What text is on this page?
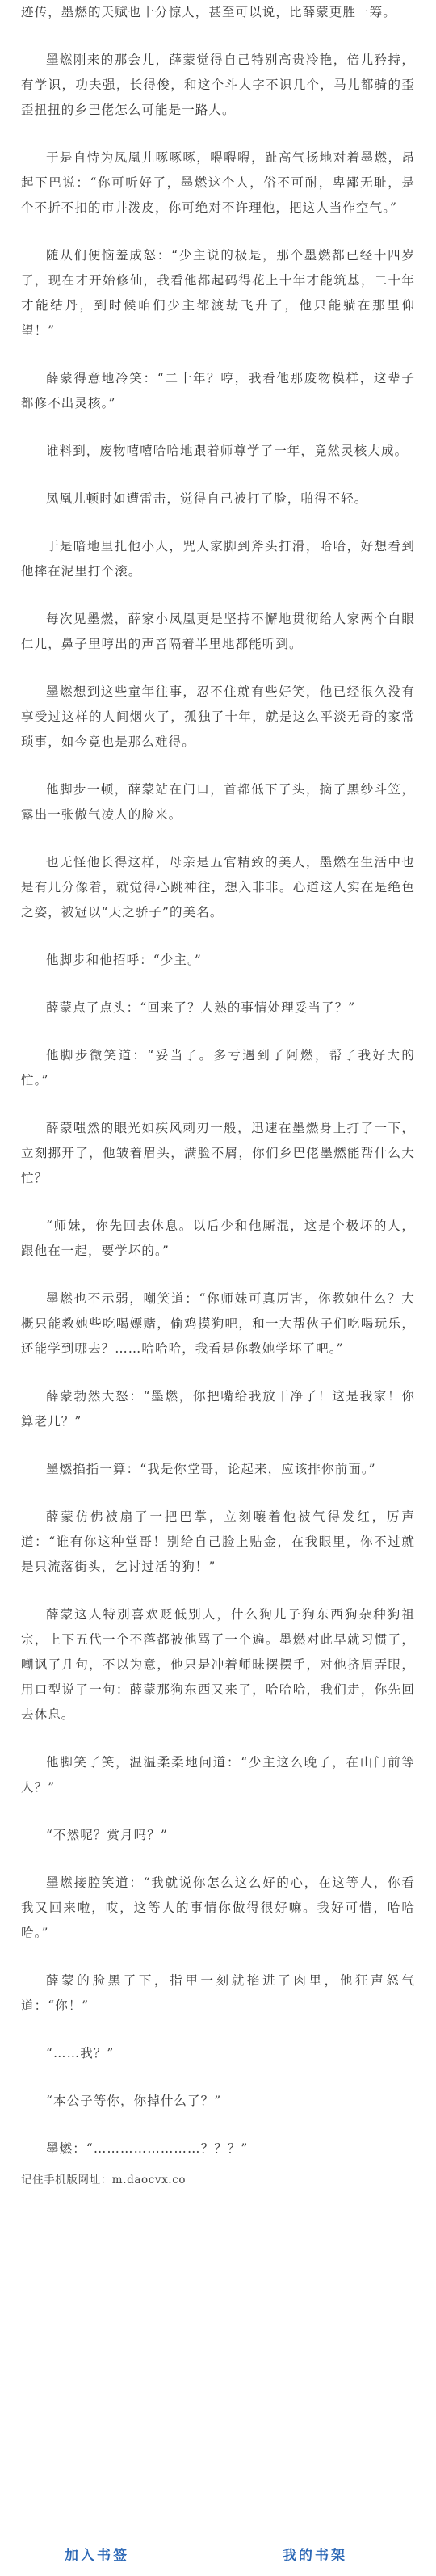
迹传，墨燃的天赋也十分惊人，甚至可以说，比薛蒙更胜一筹。

墨燃刚来的那会儿，薛蒙觉得自己特别高贵冷艳，倍儿矜持，有学识，功夫强，长得俊，和这个斗大字不识几个，马儿都骑的歪歪扭扭的乡巴佬怎么可能是一路人。

于是自恃为凤凰儿啄啄啄，嘚嘚嘚，趾高气扬地对着墨燃，昂起下巴说：“你可听好了，墨燃这个人，俗不可耐，卑鄙无耻，是个不折不扣的市井泼皮，你可绝对不许理他，把这人当作空气。”

随从们便恼羞成怒：“少主说的极是，那个墨燃都已经十四岁了，现在才开始修仙，我看他都起码得花上十年才能筑基，二十年才能结丹，到时候咱们少主都渡劫飞升了，他只能躺在那里仰望！”

薛蒙得意地冷笑：“二十年？哼，我看他那废物模样，这辈子都修不出灵核。”

谁料到，废物嘻嘻哈哈地跟着师尊学了一年，竟然灵核大成。

凤凰儿顿时如遭雷击，觉得自己被打了脸，啪得不轻。

于是暗地里扎他小人，咒人家脚到斧头打滑，哈哈，好想看到他摔在泥里打个滚。

每次见墨燃，薛家小凤凰更是坚持不懈地贯彻给人家两个白眼仁儿，鼻子里哼出的声音隔着半里地都能听到。

墨燃想到这些童年往事，忍不住就有些好笑，他已经很久没有享受过这样的人间烟火了，孤独了十年，就是这么平淡无奇的家常琐事，如今竟也是那么难得。

他脚步一顿，薛蒙站在门口，首都低下了头，摘了黑纱斗笠，露出一张傲气凌人的脸来。

也无怪他长得这样，母亲是五官精致的美人，墨燃在生活中也是有几分像着，就觉得心跳神往，想入非非。心道这人实在是绝色之姿，被冠以“天之骄子”的美名。

他脚步和他招呼：“少主。”

薛蒙点了点头：“回来了？人熟的事情处理妥当了？”

他脚步微笑道：“妥当了。多亏遇到了阿燃，帮了我好大的忙。”

薛蒙嗤然的眼光如疾风刺刃一般，迅速在墨燃身上打了一下，立刻挪开了，他皱着眉头，满脸不屑，你们乡巴佬墨燃能帮什么大忙？

“师妹，你先回去休息。以后少和他厮混，这是个极坏的人，跟他在一起，要学坏的。”

墨燃也不示弱，嘲笑道：“你师妹可真厉害，你教她什么？大概只能教她些吃喝嫖赌，偷鸡摸狗吧，和一大帮伙子们吃喝玩乐，还能学到哪去？……哈哈哈，我看是你教她学坏了吧。”

薛蒙勃然大怒：“墨燃，你把嘴给我放干净了！这是我家！你算老几？”

墨燃掐指一算：“我是你堂哥，论起来，应该排你前面。”

薛蒙仿佛被扇了一把巴掌，立刻嚷着他被气得发红，厉声道：“谁有你这种堂哥！别给自己脸上贴金，在我眼里，你不过就是只流落街头，乞讨过活的狗！”

薛蒙这人特别喜欢贬低别人，什么狗儿子狗东西狗杂种狗祖宗，上下五代一个不落都被他骂了一个遍。墨燃对此早就习惯了，嘲讽了几句，不以为意，他只是冲着师昧摆摆手，对他挤眉弄眼，用口型说了一句：薛蒙那狗东西又来了，哈哈哈，我们走，你先回去休息。

他脚笑了笑，温温柔柔地问道：“少主这么晚了，在山门前等人？”

“不然呢？赏月吗？”

墨燃接腔笑道：“我就说你怎么这么好的心，在这等人，你看我又回来啦，哎，这等人的事情你做得很好嘛。我好可惜，哈哈哈。”

薛蒙的脸黑了下，指甲一刻就掐进了肉里，他狂声怒气道：“你！”

“……我？”

“本公子等你，你掉什么了？”

墨燃：“……………………？？？”

记住手机版网址：m.daocvx.co
加入书签	我的书架
